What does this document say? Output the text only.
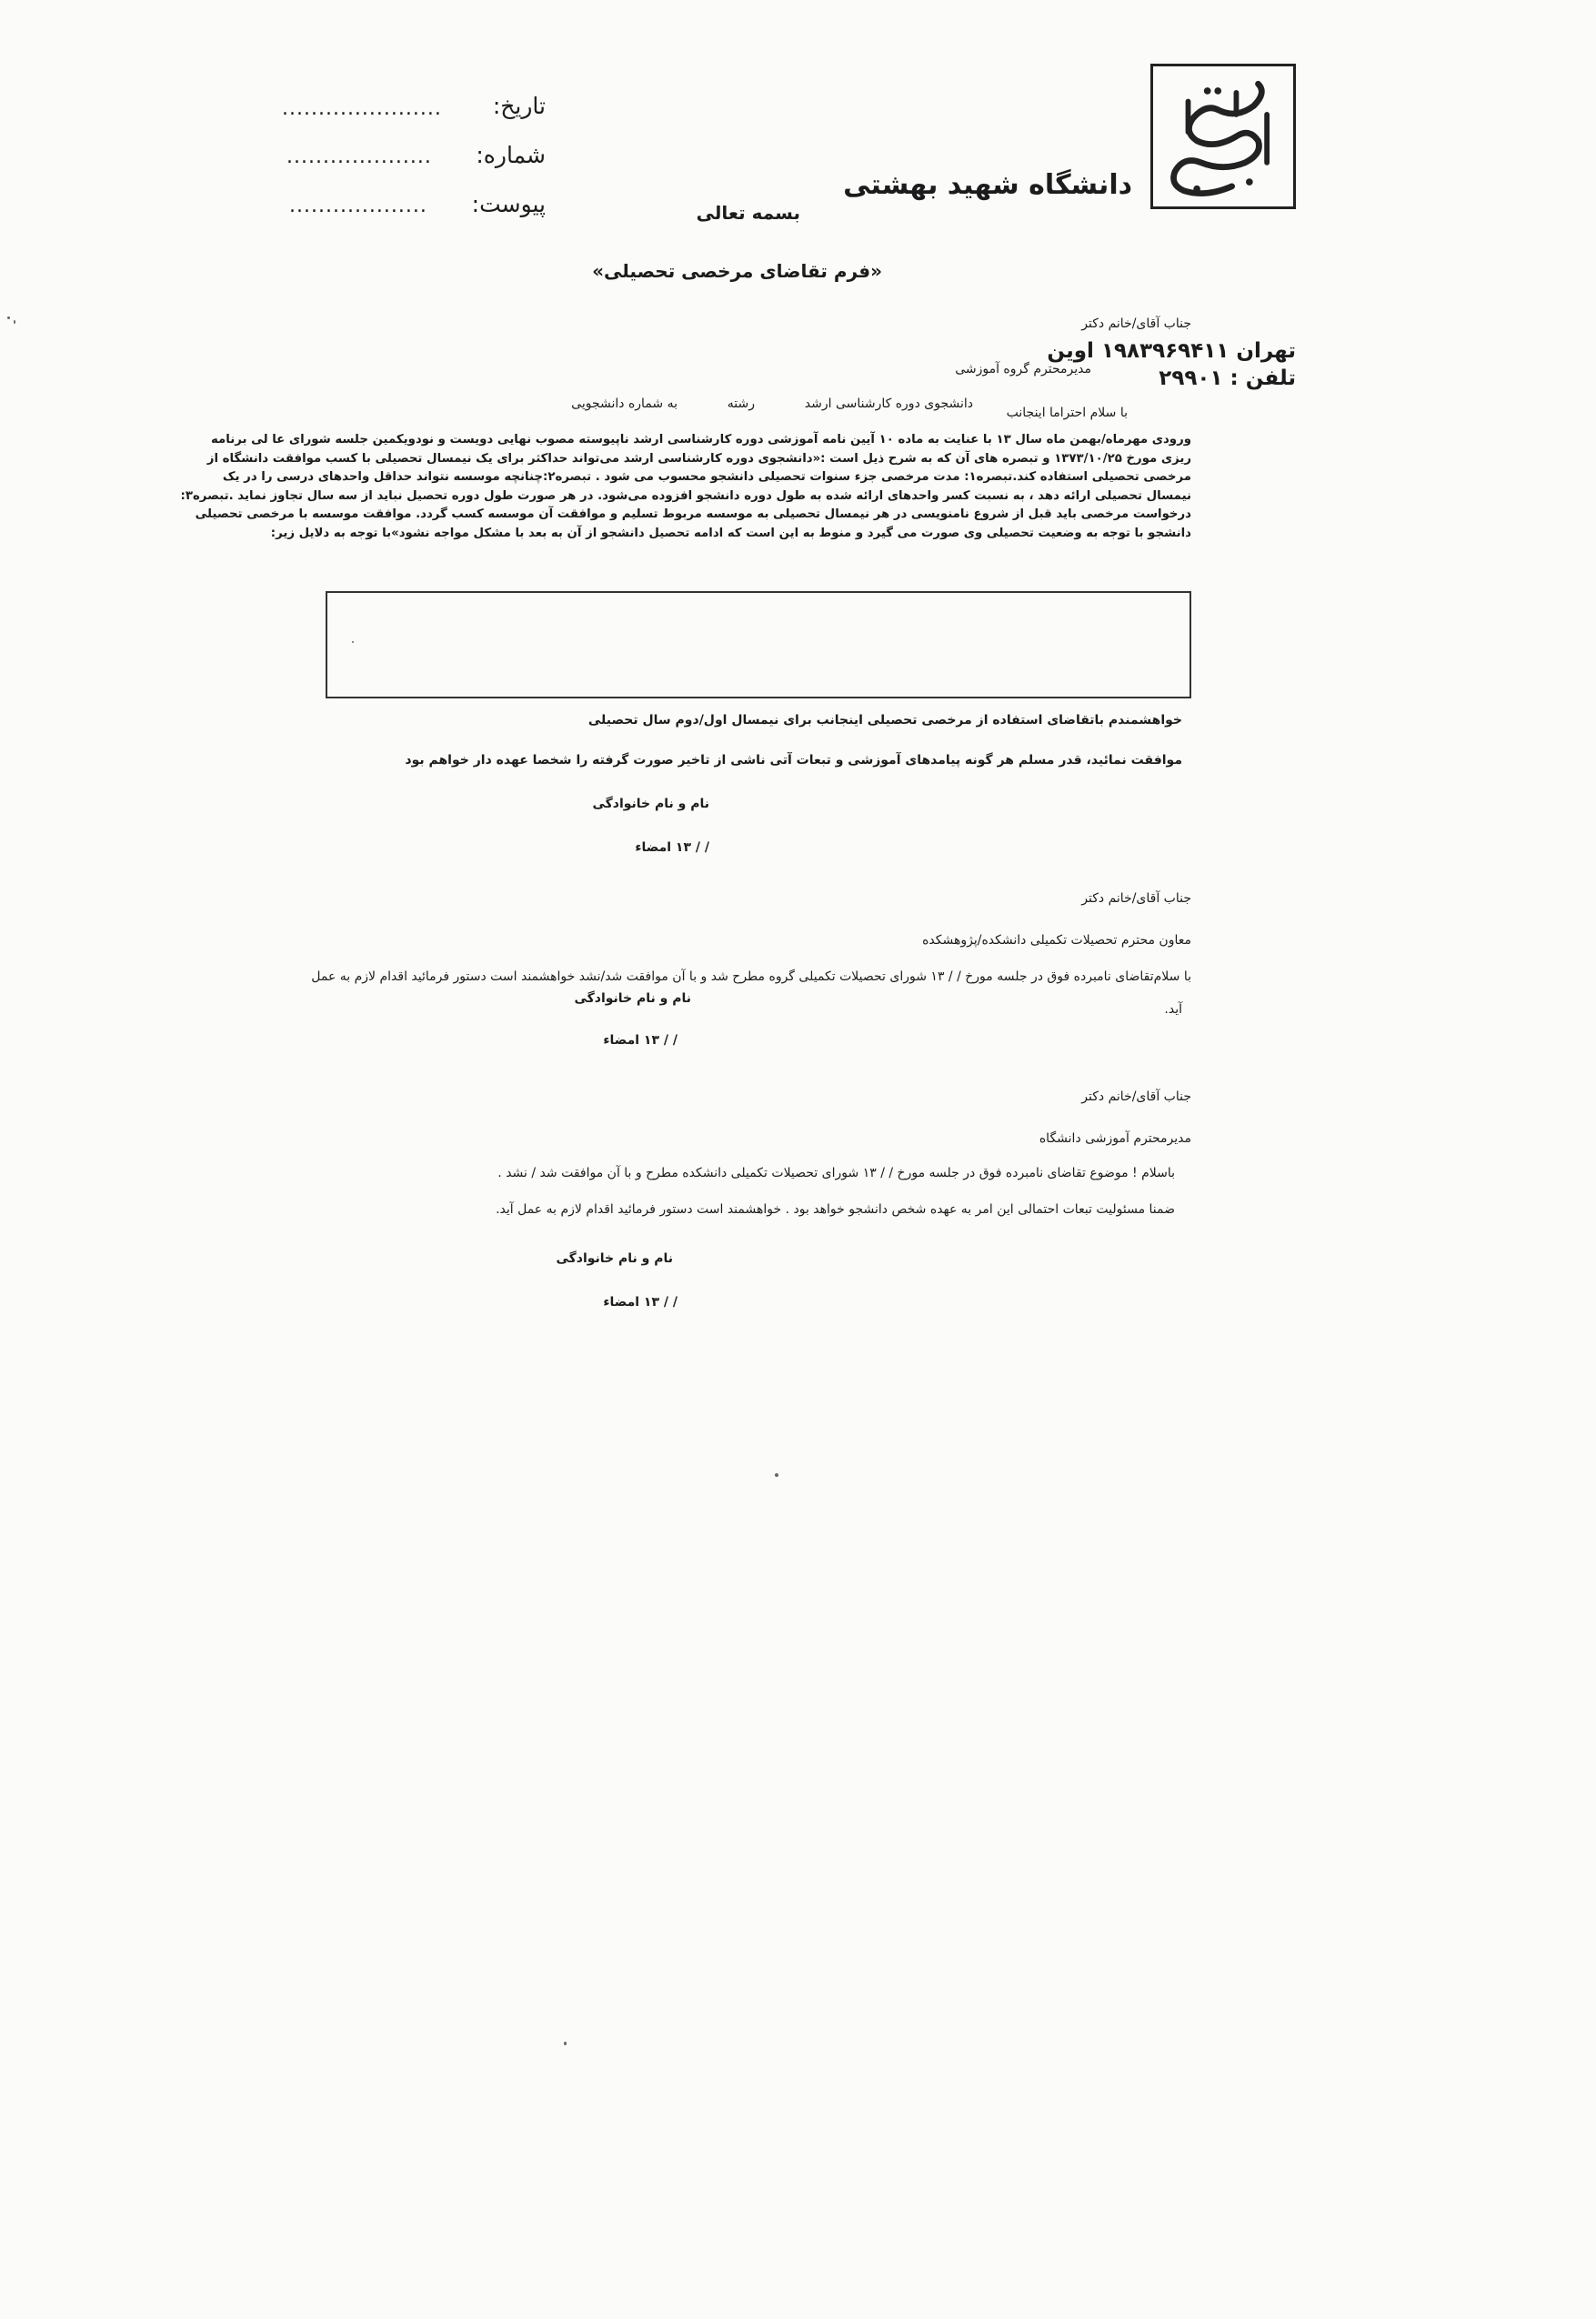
دانشگاه شهید بهشتی
بسمه تعالی
تاریخ:
......................
شماره:
....................
پیوست:
...................
تهران ۱۹۸۳۹۶۹۴۱۱ اوین
تلفن : ۲۹۹۰۱
«فرم تقاضای مرخصی تحصیلی»
جناب آقای/خانم دکتر
مدیرمحترم گروه آموزشی
با سلام احتراما اینجانب
دانشجوی دوره کارشناسی ارشد
رشته
به شماره دانشجویی
ورودی مهرماه/بهمن ماه سال ۱۳ با عنایت به ماده ۱۰ آیین نامه آموزشی دوره کارشناسی ارشد ناپیوسته مصوب نهایی دویست و نودویکمین جلسه شورای عا لی برنامه
ریزی مورخ ۱۳۷۳/۱۰/۲۵ و تبصره های آن که به شرح ذیل است :«دانشجوی دوره کارشناسی ارشد می‌تواند حداکثر برای یک نیمسال تحصیلی با کسب موافقت دانشگاه از
مرخصی تحصیلی استفاده کند.تبصره۱: مدت مرخصی جزء سنوات تحصیلی دانشجو محسوب می شود . تبصره۲:چنانچه موسسه نتواند حداقل واحدهای درسی را در یک
نیمسال تحصیلی ارائه دهد ، به نسبت کسر واحدهای ارائه شده به طول دوره دانشجو افزوده می‌شود. در هر صورت طول دوره تحصیل نباید از سه سال تجاوز نماید .تبصره۳:
درخواست مرخصی باید قبل از شروع نامنویسی در هر نیمسال تحصیلی به موسسه مربوط تسلیم و موافقت آن موسسه کسب گردد. موافقت موسسه با مرخصی تحصیلی
دانشجو با توجه به وضعیت تحصیلی وی صورت می گیرد و منوط به این است که ادامه تحصیل دانشجو از آن به بعد با مشکل مواجه نشود»با توجه به دلایل زیر:
خواهشمندم باتقاضای استفاده از مرخصی تحصیلی اینجانب برای نیمسال اول/دوم سال تحصیلی
موافقت نمائید، قدر مسلم هر گونه پیامدهای آموزشی و تبعات آتی ناشی از تاخیر صورت گرفته را شخصا عهده دار خواهم بود
نام و نام خانوادگی
/ / ۱۳ امضاء
جناب آقای/خانم دکتر
معاون محترم تحصیلات تکمیلی دانشکده/پژوهشکده
با سلام‌تقاضای نامبرده فوق در جلسه مورخ / / ۱۳ شورای تحصیلات تکمیلی گروه مطرح شد و با آن موافقت شد/نشد خواهشمند است دستور فرمائید اقدام لازم به عمل
آید.
نام و نام خانوادگی
/ / ۱۳ امضاء
جناب آقای/خانم دکتر
مدیرمحترم آموزشی دانشگاه
باسلام ! موضوع تقاضای نامبرده فوق در جلسه مورخ / / ۱۳ شورای تحصیلات تکمیلی دانشکده مطرح و با آن موافقت شد / نشد .
ضمنا مسئولیت تبعات احتمالی این امر به عهده شخص دانشجو خواهد بود . خواهشمند است دستور فرمائید اقدام لازم به عمل آید.
نام و نام خانوادگی
/ / ۱۳ امضاء
